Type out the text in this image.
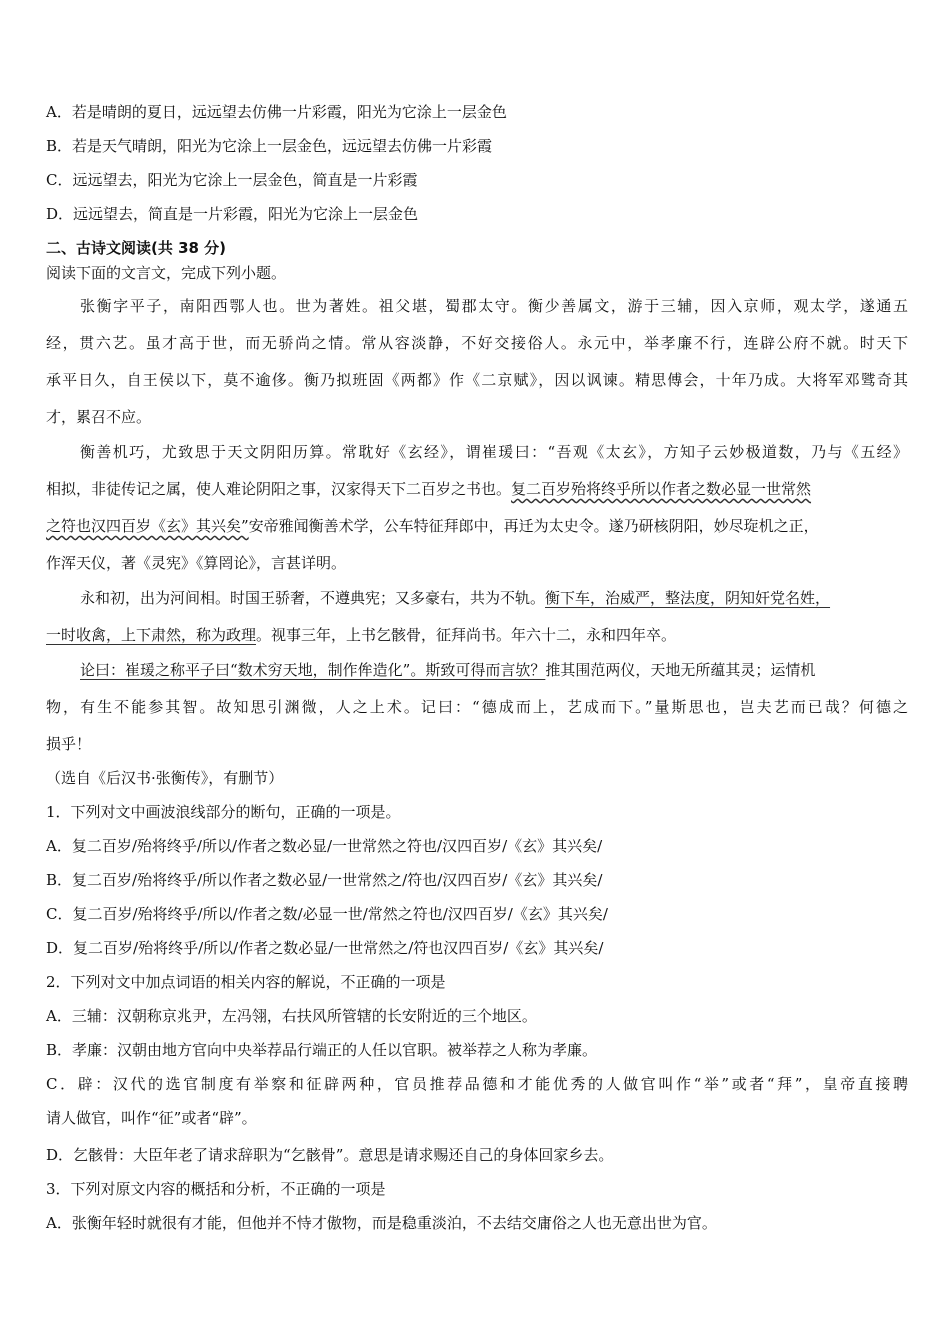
A．若是晴朗的夏日，远远望去仿佛一片彩霞，阳光为它涂上一层金色
B．若是天气晴朗，阳光为它涂上一层金色，远远望去仿佛一片彩霞
C．远远望去，阳光为它涂上一层金色，简直是一片彩霞
D．远远望去，简直是一片彩霞，阳光为它涂上一层金色
二、古诗文阅读(共 38 分)
阅读下面的文言文，完成下列小题。
张衡字平子，南阳西鄂人也。世为著姓。祖父堪，蜀郡太守。衡少善属文，游于三辅，因入京师，观太学，遂通五
经，贯六艺。虽才高于世，而无骄尚之情。常从容淡静，不好交接俗人。永元中，举孝廉不行，连辟公府不就。时天下
承平日久，自王侯以下，莫不逾侈。衡乃拟班固《两都》作《二京赋》，因以讽谏。精思傅会，十年乃成。大将军邓骘奇其
才，累召不应。
衡善机巧，尤致思于天文阴阳历算。常耽好《玄经》，谓崔瑗曰：“吾观《太玄》，方知子云妙极道数，乃与《五经》
相拟，非徒传记之属，使人难论阴阳之事，汉家得天下二百岁之书也。复二百岁殆将终乎所以作者之数必显一世常然
之符也汉四百岁《玄》其兴矣”安帝雅闻衡善术学，公车特征拜郎中，再迁为太史令。遂乃研核阴阳，妙尽琁机之正，
作浑天仪，著《灵宪》《算罔论》，言甚详明。
永和初，出为河间相。时国王骄奢，不遵典宪；又多豪右，共为不轨。衡下车，治威严，整法度，阴知奸党名姓，
一时收禽，上下肃然，称为政理。视事三年，上书乞骸骨，征拜尚书。年六十二，永和四年卒。
论曰：崔瑗之称平子曰“数术穷天地，制作侔造化”。斯致可得而言欤？推其围范两仪，天地无所蕴其灵；运情机
物，有生不能参其智。故知思引渊微，人之上术。记曰：“德成而上，艺成而下。”量斯思也，岂夫艺而已哉？何德之
损乎！
（选自《后汉书·张衡传》，有删节）
1．下列对文中画波浪线部分的断句，正确的一项是。
A．复二百岁/殆将终乎/所以/作者之数必显/一世常然之符也/汉四百岁/《玄》其兴矣/
B．复二百岁/殆将终乎/所以作者之数必显/一世常然之/符也/汉四百岁/《玄》其兴矣/
C．复二百岁/殆将终乎/所以/作者之数/必显一世/常然之符也/汉四百岁/《玄》其兴矣/
D．复二百岁/殆将终乎/所以/作者之数必显/一世常然之/符也汉四百岁/《玄》其兴矣/
2．下列对文中加点词语的相关内容的解说，不正确的一项是
A．三辅：汉朝称京兆尹，左冯翎，右扶风所管辖的长安附近的三个地区。
B．孝廉：汉朝由地方官向中央举荐品行端正的人任以官职。被举荐之人称为孝廉。
C．辟：汉代的选官制度有举察和征辟两种，官员推荐品德和才能优秀的人做官叫作“举”或者“拜”，皇帝直接聘
请人做官，叫作“征”或者“辟”。
D．乞骸骨：大臣年老了请求辞职为“乞骸骨”。意思是请求赐还自己的身体回家乡去。
3．下列对原文内容的概括和分析，不正确的一项是
A．张衡年轻时就很有才能，但他并不恃才傲物，而是稳重淡泊，不去结交庸俗之人也无意出世为官。
